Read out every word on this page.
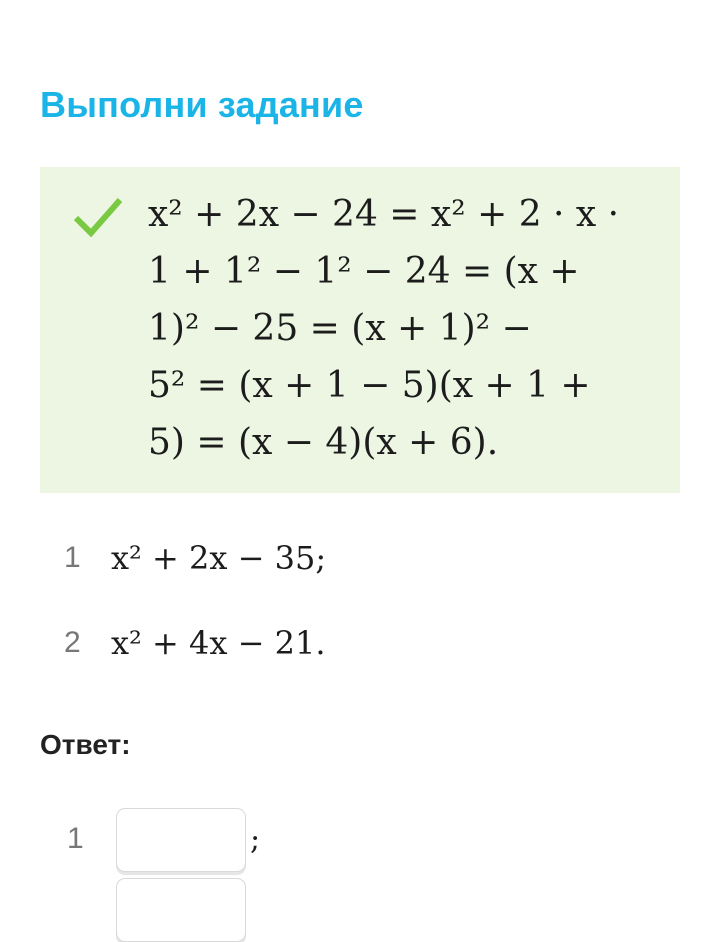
Выполни задание
x² + 2x − 24 = x² + 2 · x ·
1 + 1² − 1² − 24 = (x +
1)² − 25 = (x + 1)² −
5² = (x + 1 − 5)(x + 1 +
5) = (x − 4)(x + 6).
1 x² + 2x − 35;
2 x² + 4x − 21.
Ответ:
1	;
